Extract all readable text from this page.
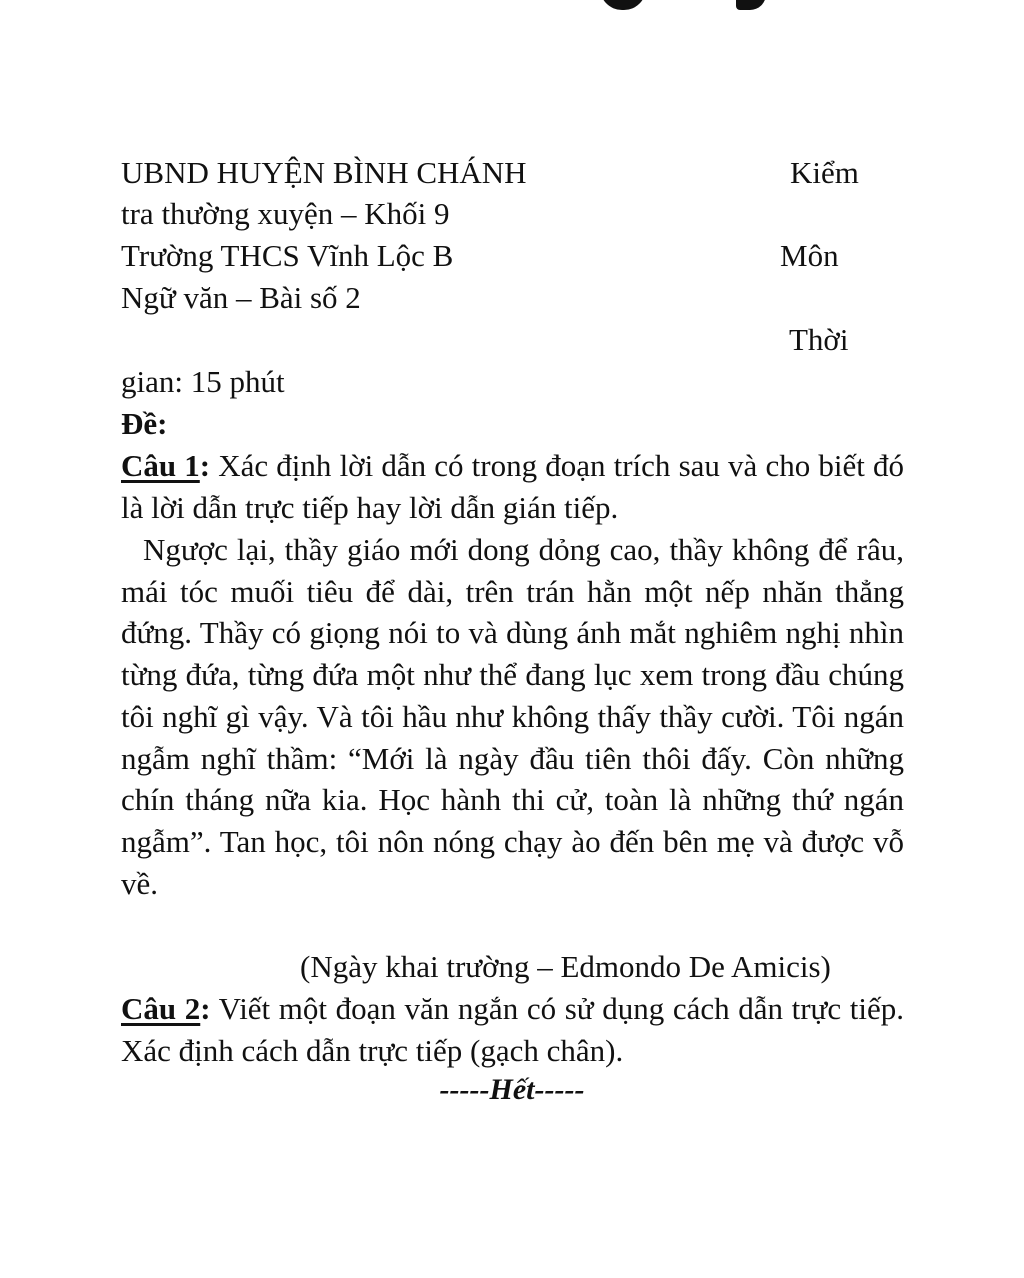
UBND HUYỆN BÌNH CHÁNH	Kiểm
tra thường xuyện – Khối 9
Trường THCS Vĩnh Lộc B	Môn
Ngữ văn – Bài số 2
Thời
gian: 15 phút
Đề:
Câu 1: Xác định lời dẫn có trong đoạn trích sau và cho biết đó là lời dẫn trực tiếp hay lời dẫn gián tiếp.
Ngược lại, thầy giáo mới dong dỏng cao, thầy không để râu, mái tóc muối tiêu để dài, trên trán hằn một nếp nhăn thẳng đứng. Thầy có giọng nói to và dùng ánh mắt nghiêm nghị nhìn từng đứa, từng đứa một như thể đang lục xem trong đầu chúng tôi nghĩ gì vậy. Và tôi hầu như không thấy thầy cười. Tôi ngán ngẫm nghĩ thầm: “Mới là ngày đầu tiên thôi đấy. Còn những chín tháng nữa kia. Học hành thi cử, toàn là những thứ ngán ngẫm”. Tan học, tôi nôn nóng chạy ào đến bên mẹ và được vỗ về.
(Ngày khai trường – Edmondo De Amicis)
Câu 2: Viết một đoạn văn ngắn có sử dụng cách dẫn trực tiếp. Xác định cách dẫn trực tiếp (gạch chân).
-----Hết-----
